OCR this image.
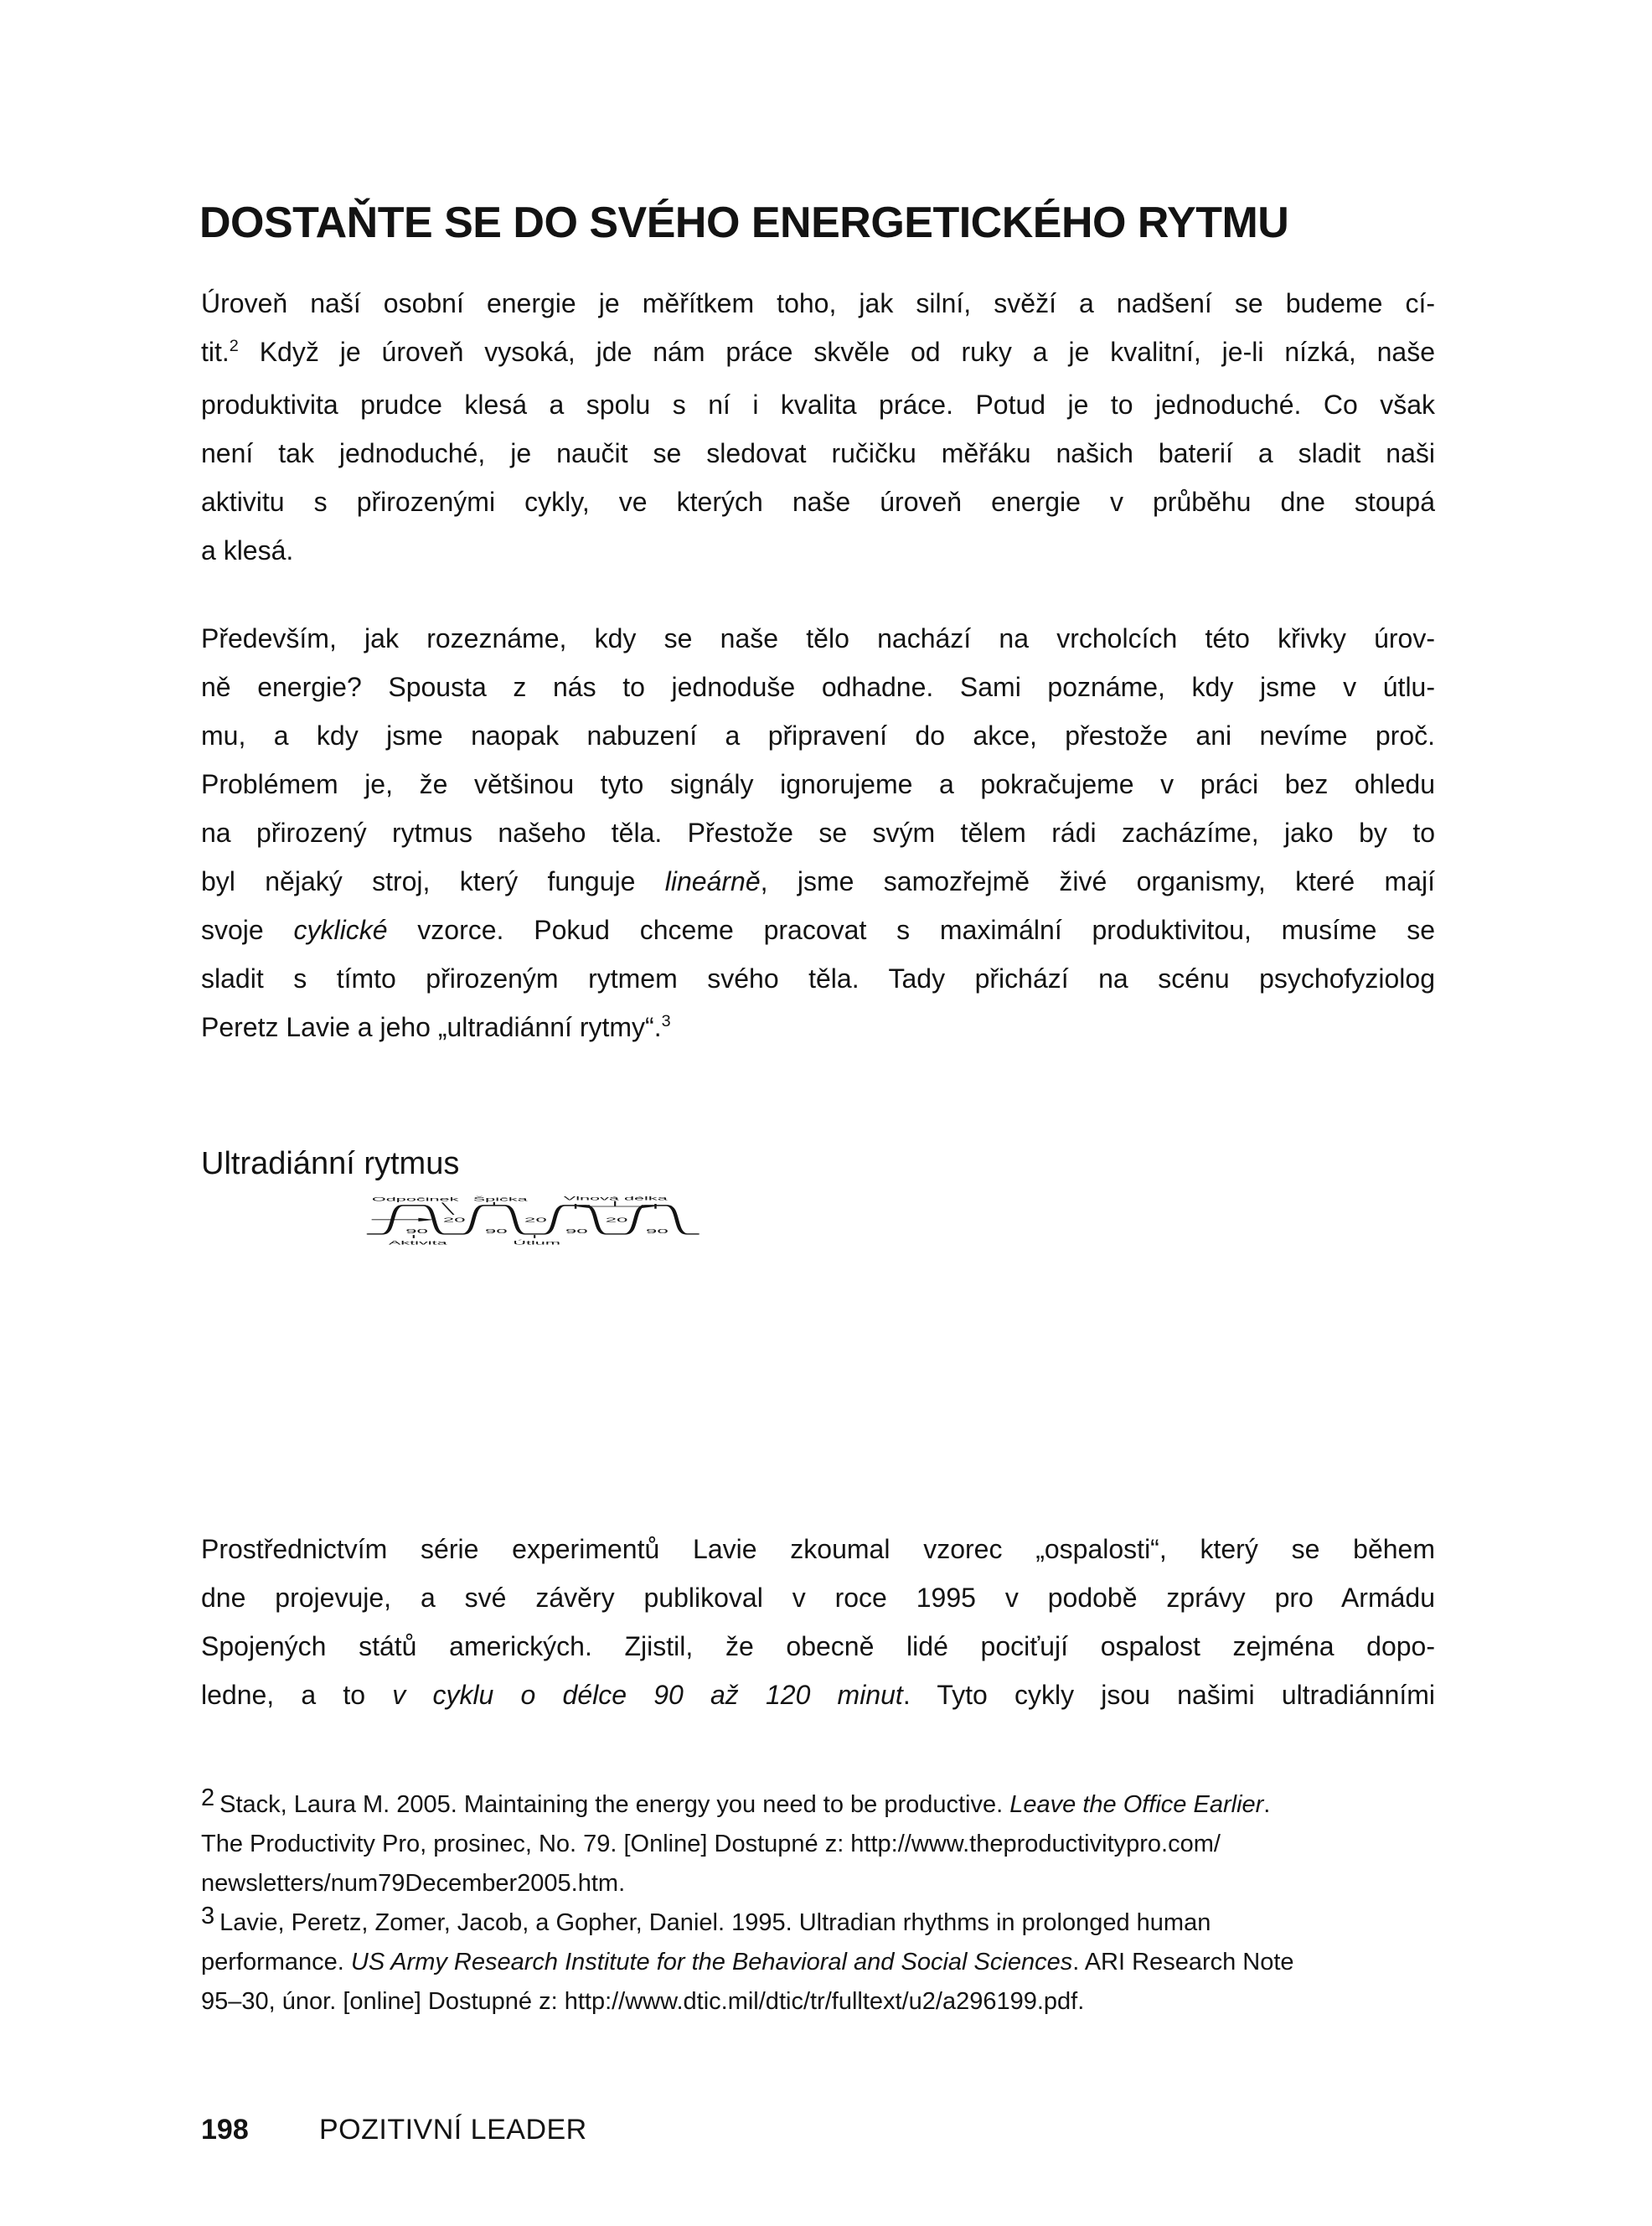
DOSTAŇTE SE DO SVÉHO ENERGETICKÉHO RYTMU
Úroveň naší osobní energie je měřítkem toho, jak silní, svěží a nadšení se budeme cí-
tit.$^2$ Když je úroveň vysoká, jde nám práce skvěle od ruky a je kvalitní, je-li nízká, naše
produktivita prudce klesá a spolu s ní i kvalita práce. Potud je to jednoduché. Co však
není tak jednoduché, je naučit se sledovat ručičku měřáku našich baterií a sladit naši
aktivitu s přirozenými cykly, ve kterých naše úroveň energie v průběhu dne stoupá
a klesá.
Především, jak rozeznáme, kdy se naše tělo nachází na vrcholcích této křivky úrov-
ně energie? Spousta z nás to jednoduše odhadne. Sami poznáme, kdy jsme v útlu-
mu, a kdy jsme naopak nabuzení a připravení do akce, přestože ani nevíme proč.
Problémem je, že většinou tyto signály ignorujeme a pokračujeme v práci bez ohledu
na přirozený rytmus našeho těla. Přestože se svým tělem rádi zacházíme, jako by to
byl nějaký stroj, který funguje lineárně, jsme samozřejmě živé organismy, které mají
svoje cyklické vzorce. Pokud chceme pracovat s maximální produktivitou, musíme se
sladit s tímto přirozeným rytmem svého těla. Tady přichází na scénu psychofyziolog
Peretz Lavie a jeho „ultradiánní rytmy“.$^3$
Ultradiánní rytmus
Odpočinek Špička Vlnová délka
20 20 20
90 90 90 90
Aktivita Útlum
Prostřednictvím série experimentů Lavie zkoumal vzorec „ospalosti“, který se během
dne projevuje, a své závěry publikoval v roce 1995 v podobě zprávy pro Armádu
Spojených států amerických. Zjistil, že obecně lidé pociťují ospalost zejména dopo-
ledne, a to v cyklu o délce 90 až 120 minut. Tyto cykly jsou našimi ultradiánními
2 Stack, Laura M. 2005. Maintaining the energy you need to be productive. Leave the Office Earlier.
The Productivity Pro, prosinec, No. 79. [Online] Dostupné z: http://www.theproductivitypro.com/
newsletters/num79December2005.htm.
3 Lavie, Peretz, Zomer, Jacob, a Gopher, Daniel. 1995. Ultradian rhythms in prolonged human
performance. US Army Research Institute for the Behavioral and Social Sciences. ARI Research Note
95–30, únor. [online] Dostupné z: http://www.dtic.mil/dtic/tr/fulltext/u2/a296199.pdf.
198 POZITIVNÍ LEADER
